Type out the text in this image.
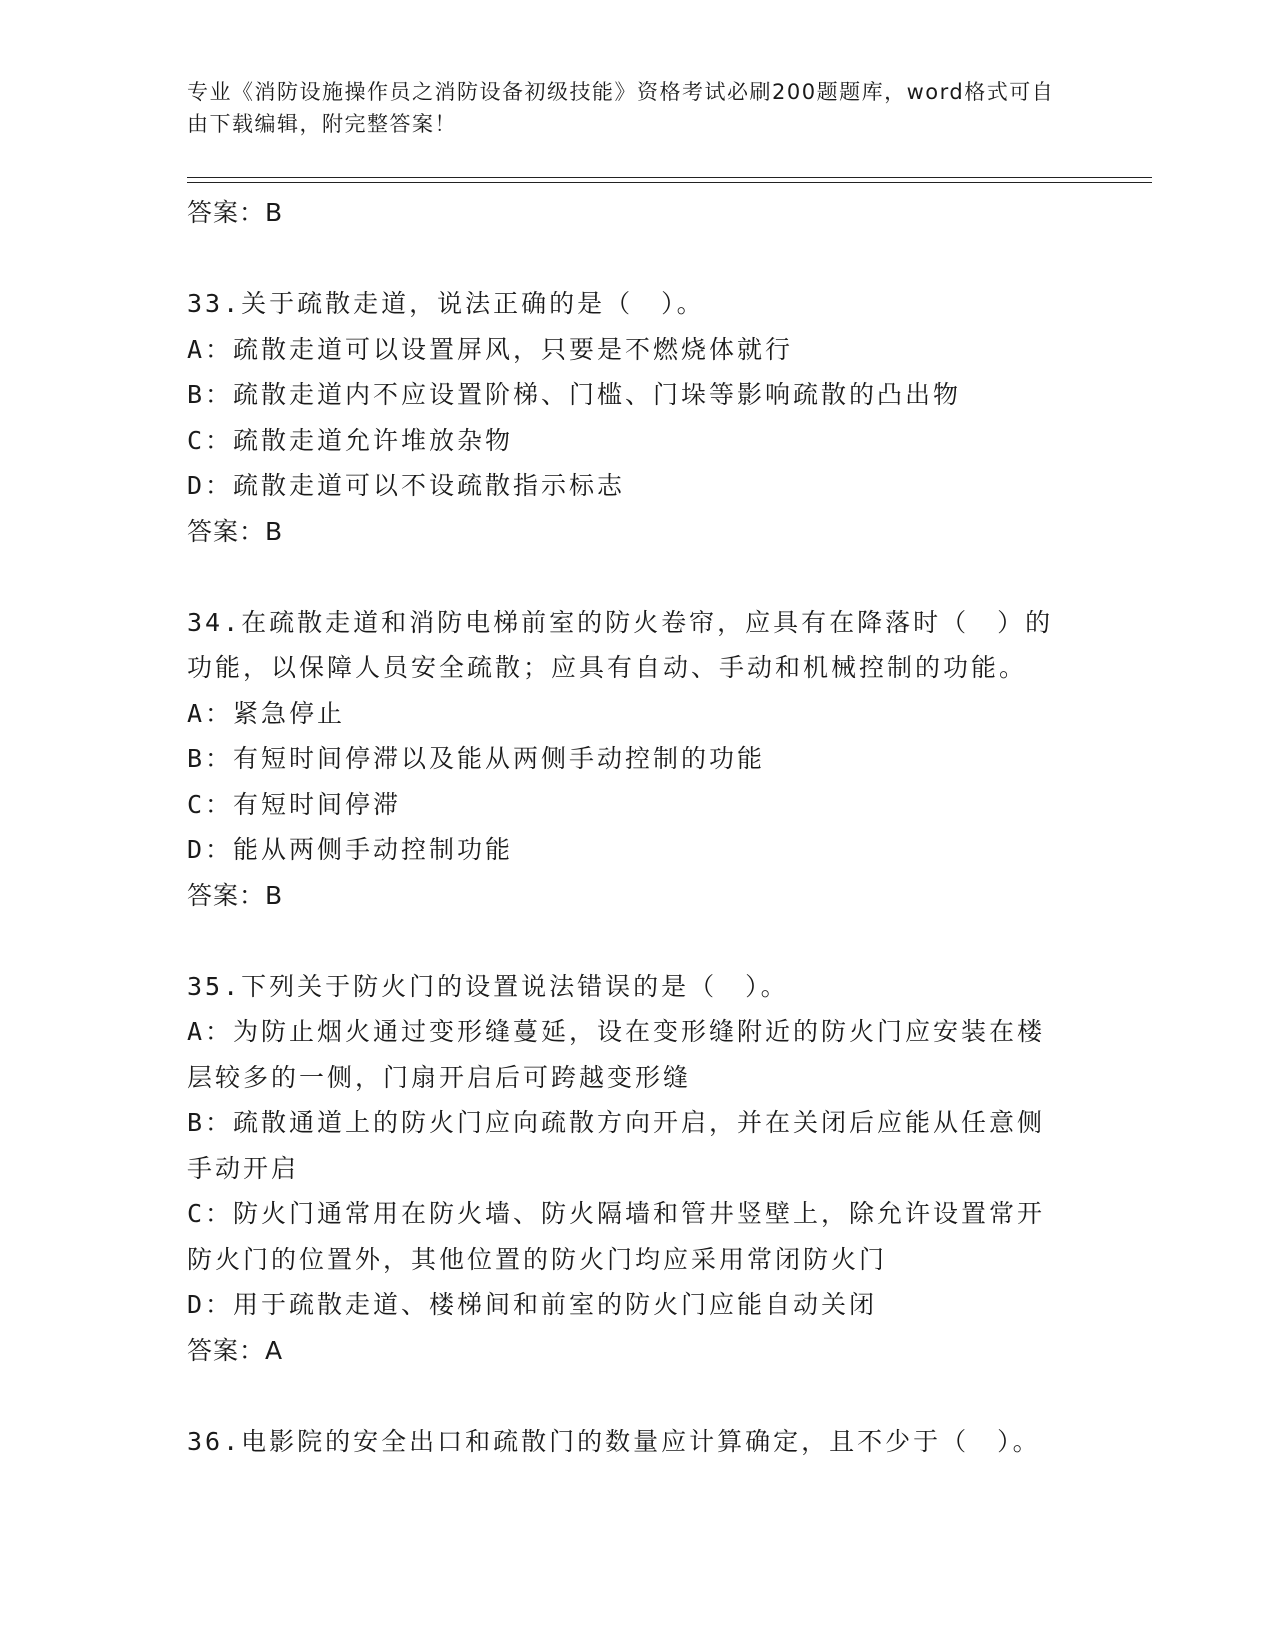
专业《消防设施操作员之消防设备初级技能》资格考试必刷200题题库，word格式可自由下载编辑，附完整答案！
答案：B
33.关于疏散走道，说法正确的是（　）。
A：疏散走道可以设置屏风，只要是不燃烧体就行
B：疏散走道内不应设置阶梯、门槛、门垛等影响疏散的凸出物
C：疏散走道允许堆放杂物
D：疏散走道可以不设疏散指示标志
答案：B
34.在疏散走道和消防电梯前室的防火卷帘，应具有在降落时（　）的
功能，以保障人员安全疏散；应具有自动、手动和机械控制的功能。
A：紧急停止
B：有短时间停滞以及能从两侧手动控制的功能
C：有短时间停滞
D：能从两侧手动控制功能
答案：B
35.下列关于防火门的设置说法错误的是（　）。
A：为防止烟火通过变形缝蔓延，设在变形缝附近的防火门应安装在楼
层较多的一侧，门扇开启后可跨越变形缝
B：疏散通道上的防火门应向疏散方向开启，并在关闭后应能从任意侧
手动开启
C：防火门通常用在防火墙、防火隔墙和管井竖壁上，除允许设置常开
防火门的位置外，其他位置的防火门均应采用常闭防火门
D：用于疏散走道、楼梯间和前室的防火门应能自动关闭
答案：A
36.电影院的安全出口和疏散门的数量应计算确定，且不少于（　）。
